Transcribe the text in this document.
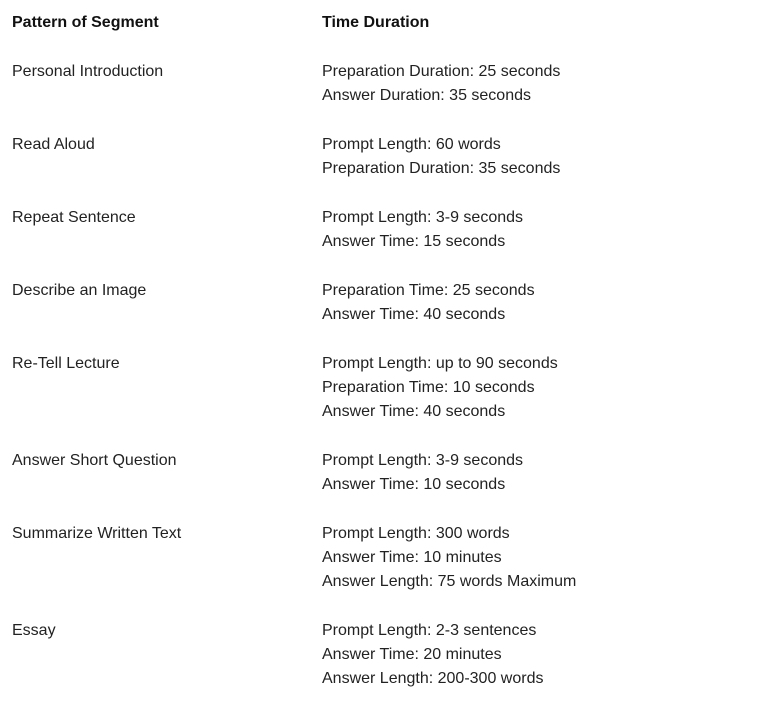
Pattern of Segment	Time Duration
Personal Introduction	Preparation Duration: 25 seconds
Answer Duration: 35 seconds
Read Aloud	Prompt Length: 60 words
Preparation Duration: 35 seconds
Repeat Sentence	Prompt Length: 3-9 seconds
Answer Time: 15 seconds
Describe an Image	Preparation Time: 25 seconds
Answer Time: 40 seconds
Re-Tell Lecture	Prompt Length: up to 90 seconds
Preparation Time: 10 seconds
Answer Time: 40 seconds
Answer Short Question	Prompt Length: 3-9 seconds
Answer Time: 10 seconds
Summarize Written Text	Prompt Length: 300 words
Answer Time: 10 minutes
Answer Length: 75 words Maximum
Essay	Prompt Length: 2-3 sentences
Answer Time: 20 minutes
Answer Length: 200-300 words
